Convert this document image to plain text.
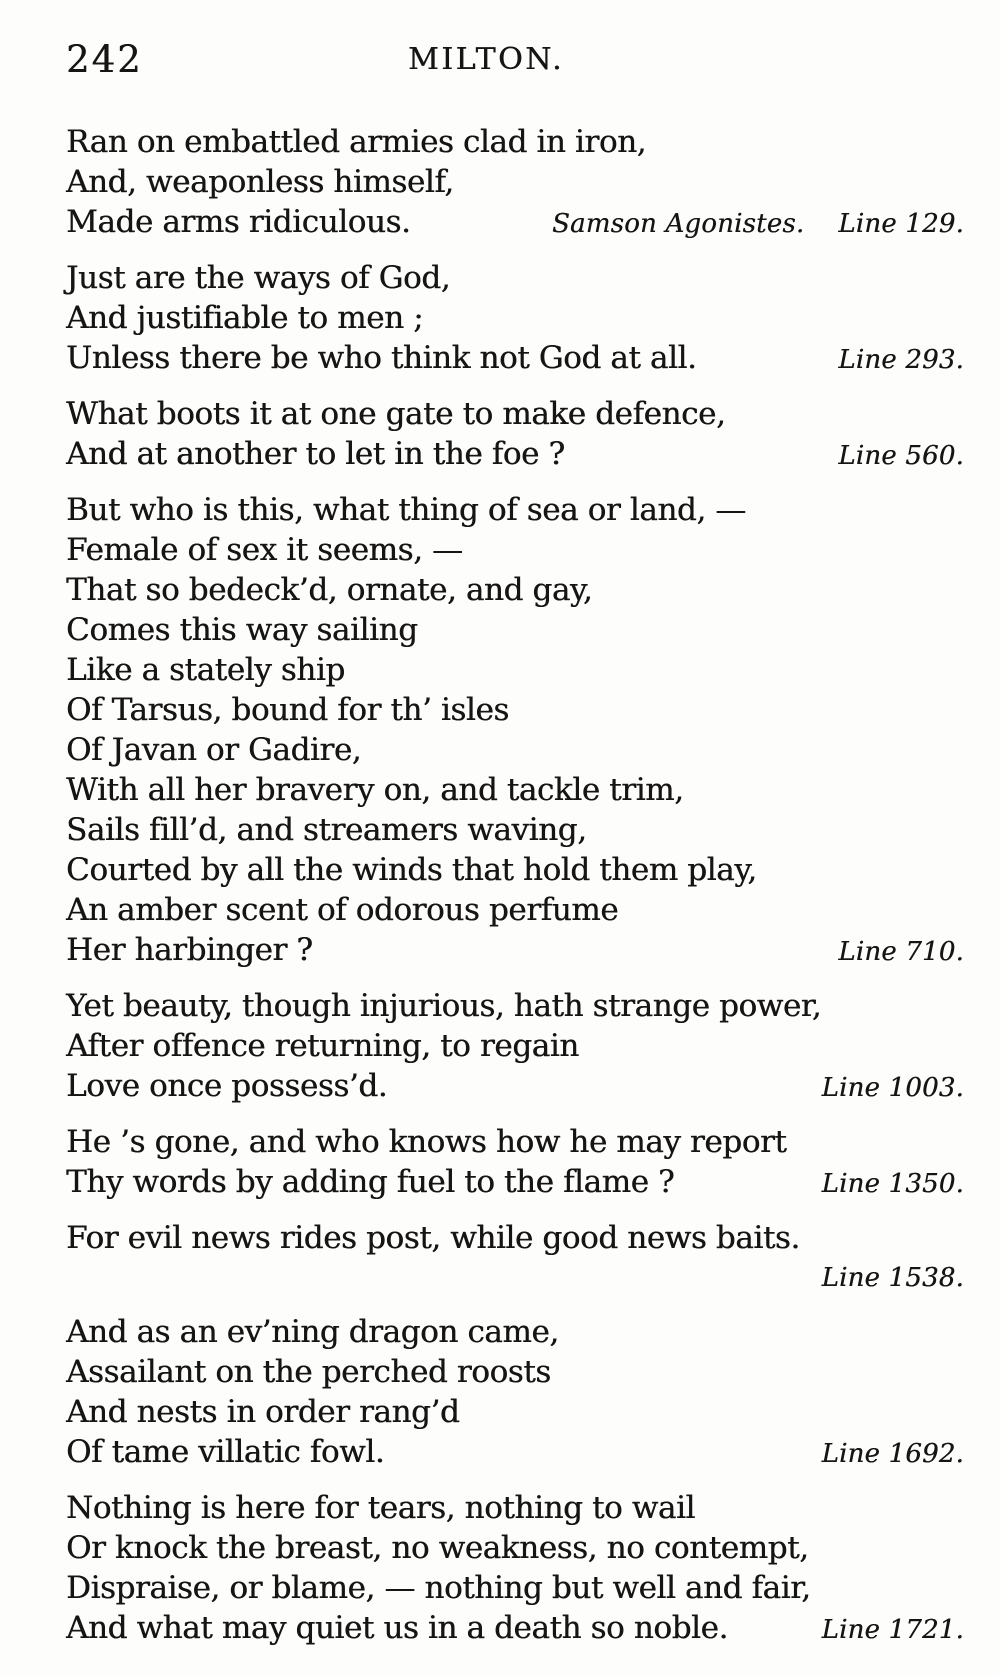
242	MILTON.
Ran on embattled armies clad in iron,
And, weaponless himself,
Made arms ridiculous.	Samson Agonistes. Line 129.
Just are the ways of God,
And justifiable to men ;
Unless there be who think not God at all.	Line 293.
What boots it at one gate to make defence,
And at another to let in the foe ?	Line 560.
But who is this, what thing of sea or land, —
Female of sex it seems, —
That so bedeck’d, ornate, and gay,
Comes this way sailing
Like a stately ship
Of Tarsus, bound for th’ isles
Of Javan or Gadire,
With all her bravery on, and tackle trim,
Sails fill’d, and streamers waving,
Courted by all the winds that hold them play,
An amber scent of odorous perfume
Her harbinger ?	Line 710.
Yet beauty, though injurious, hath strange power,
After offence returning, to regain
Love once possess’d.	Line 1003.
He ’s gone, and who knows how he may report
Thy words by adding fuel to the flame ?	Line 1350.
For evil news rides post, while good news baits.
Line 1538.
And as an ev’ning dragon came,
Assailant on the perched roosts
And nests in order rang’d
Of tame villatic fowl.	Line 1692.
Nothing is here for tears, nothing to wail
Or knock the breast, no weakness, no contempt,
Dispraise, or blame, — nothing but well and fair,
And what may quiet us in a death so noble.	Line 1721.
